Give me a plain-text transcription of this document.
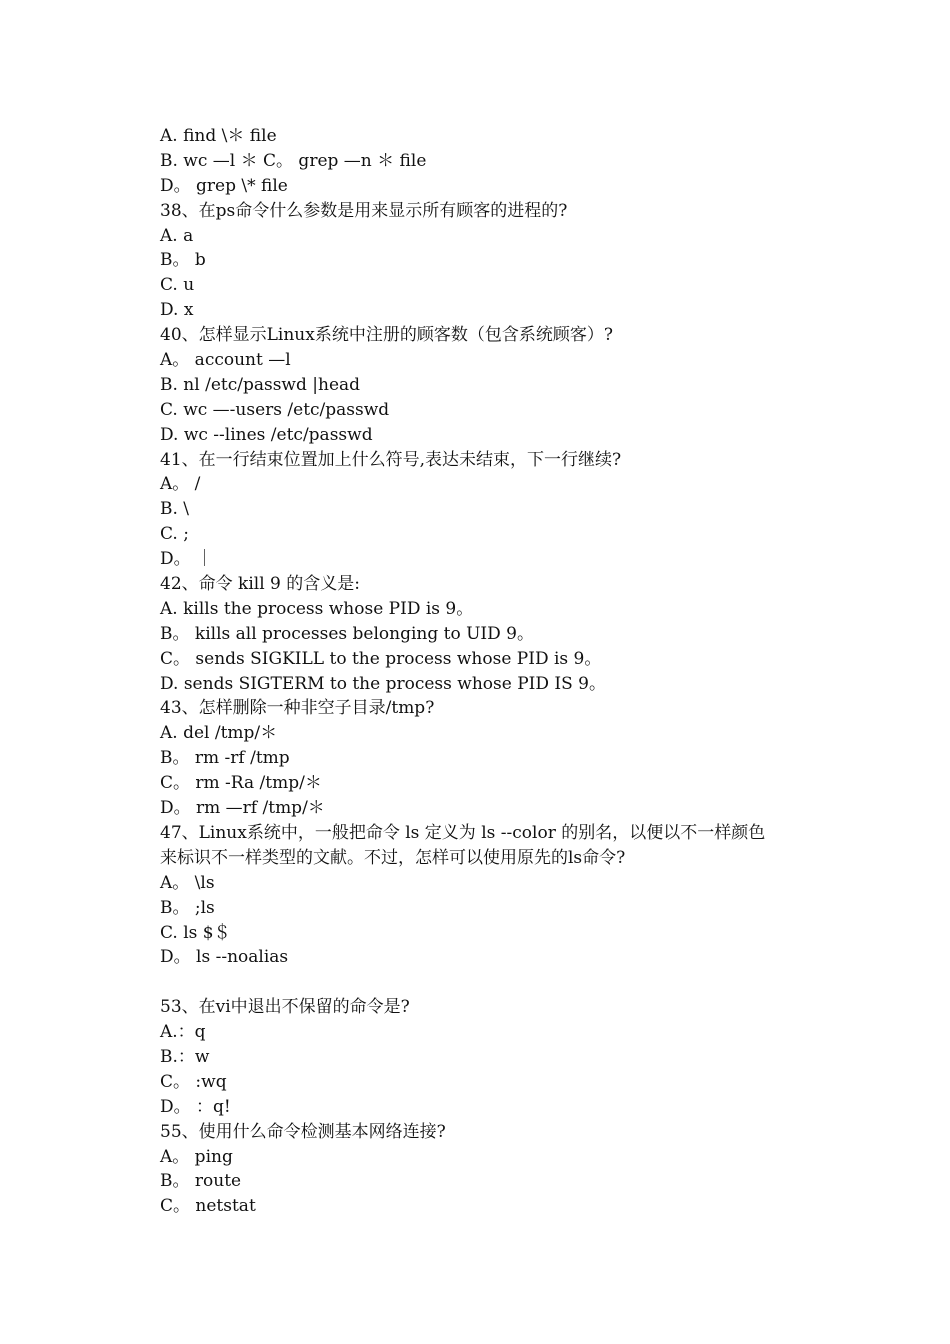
A. find \＊ file
B. wc —l ＊ C。 grep —n ＊ file
D。 grep \* file
38、在ps命令什么参数是用来显示所有顾客的进程的?
A. a
B。 b
C. u
D. x
40、怎样显示Linux系统中注册的顾客数（包含系统顾客）?
A。 account —l
B. nl /etc/passwd |head
C. wc —-users /etc/passwd
D. wc --lines /etc/passwd
41、在一行结束位置加上什么符号,表达未结束，下一行继续?
A。 /
B. \
C. ;
D。 ｜
42、命令 kill 9 的含义是:
A. kills the process whose PID is 9。
B。 kills all processes belonging to UID 9。
C。 sends SIGKILL to the process whose PID is 9。
D. sends SIGTERM to the process whose PID IS 9。
43、怎样删除一种非空子目录/tmp?
A. del /tmp/＊
B。 rm -rf /tmp
C。 rm -Ra /tmp/＊
D。 rm —rf /tmp/＊
47、Linux系统中，一般把命令 ls 定义为 ls --color 的别名，以便以不一样颜色
来标识不一样类型的文献。不过，怎样可以使用原先的ls命令?
A。 \ls
B。 ;ls
C. ls $＄
D。 ls --noalias
53、在vi中退出不保留的命令是?
A.：q
B.：w
C。 :wq
D。 ：q!
55、使用什么命令检测基本网络连接?
A。 ping
B。 route
C。 netstat
